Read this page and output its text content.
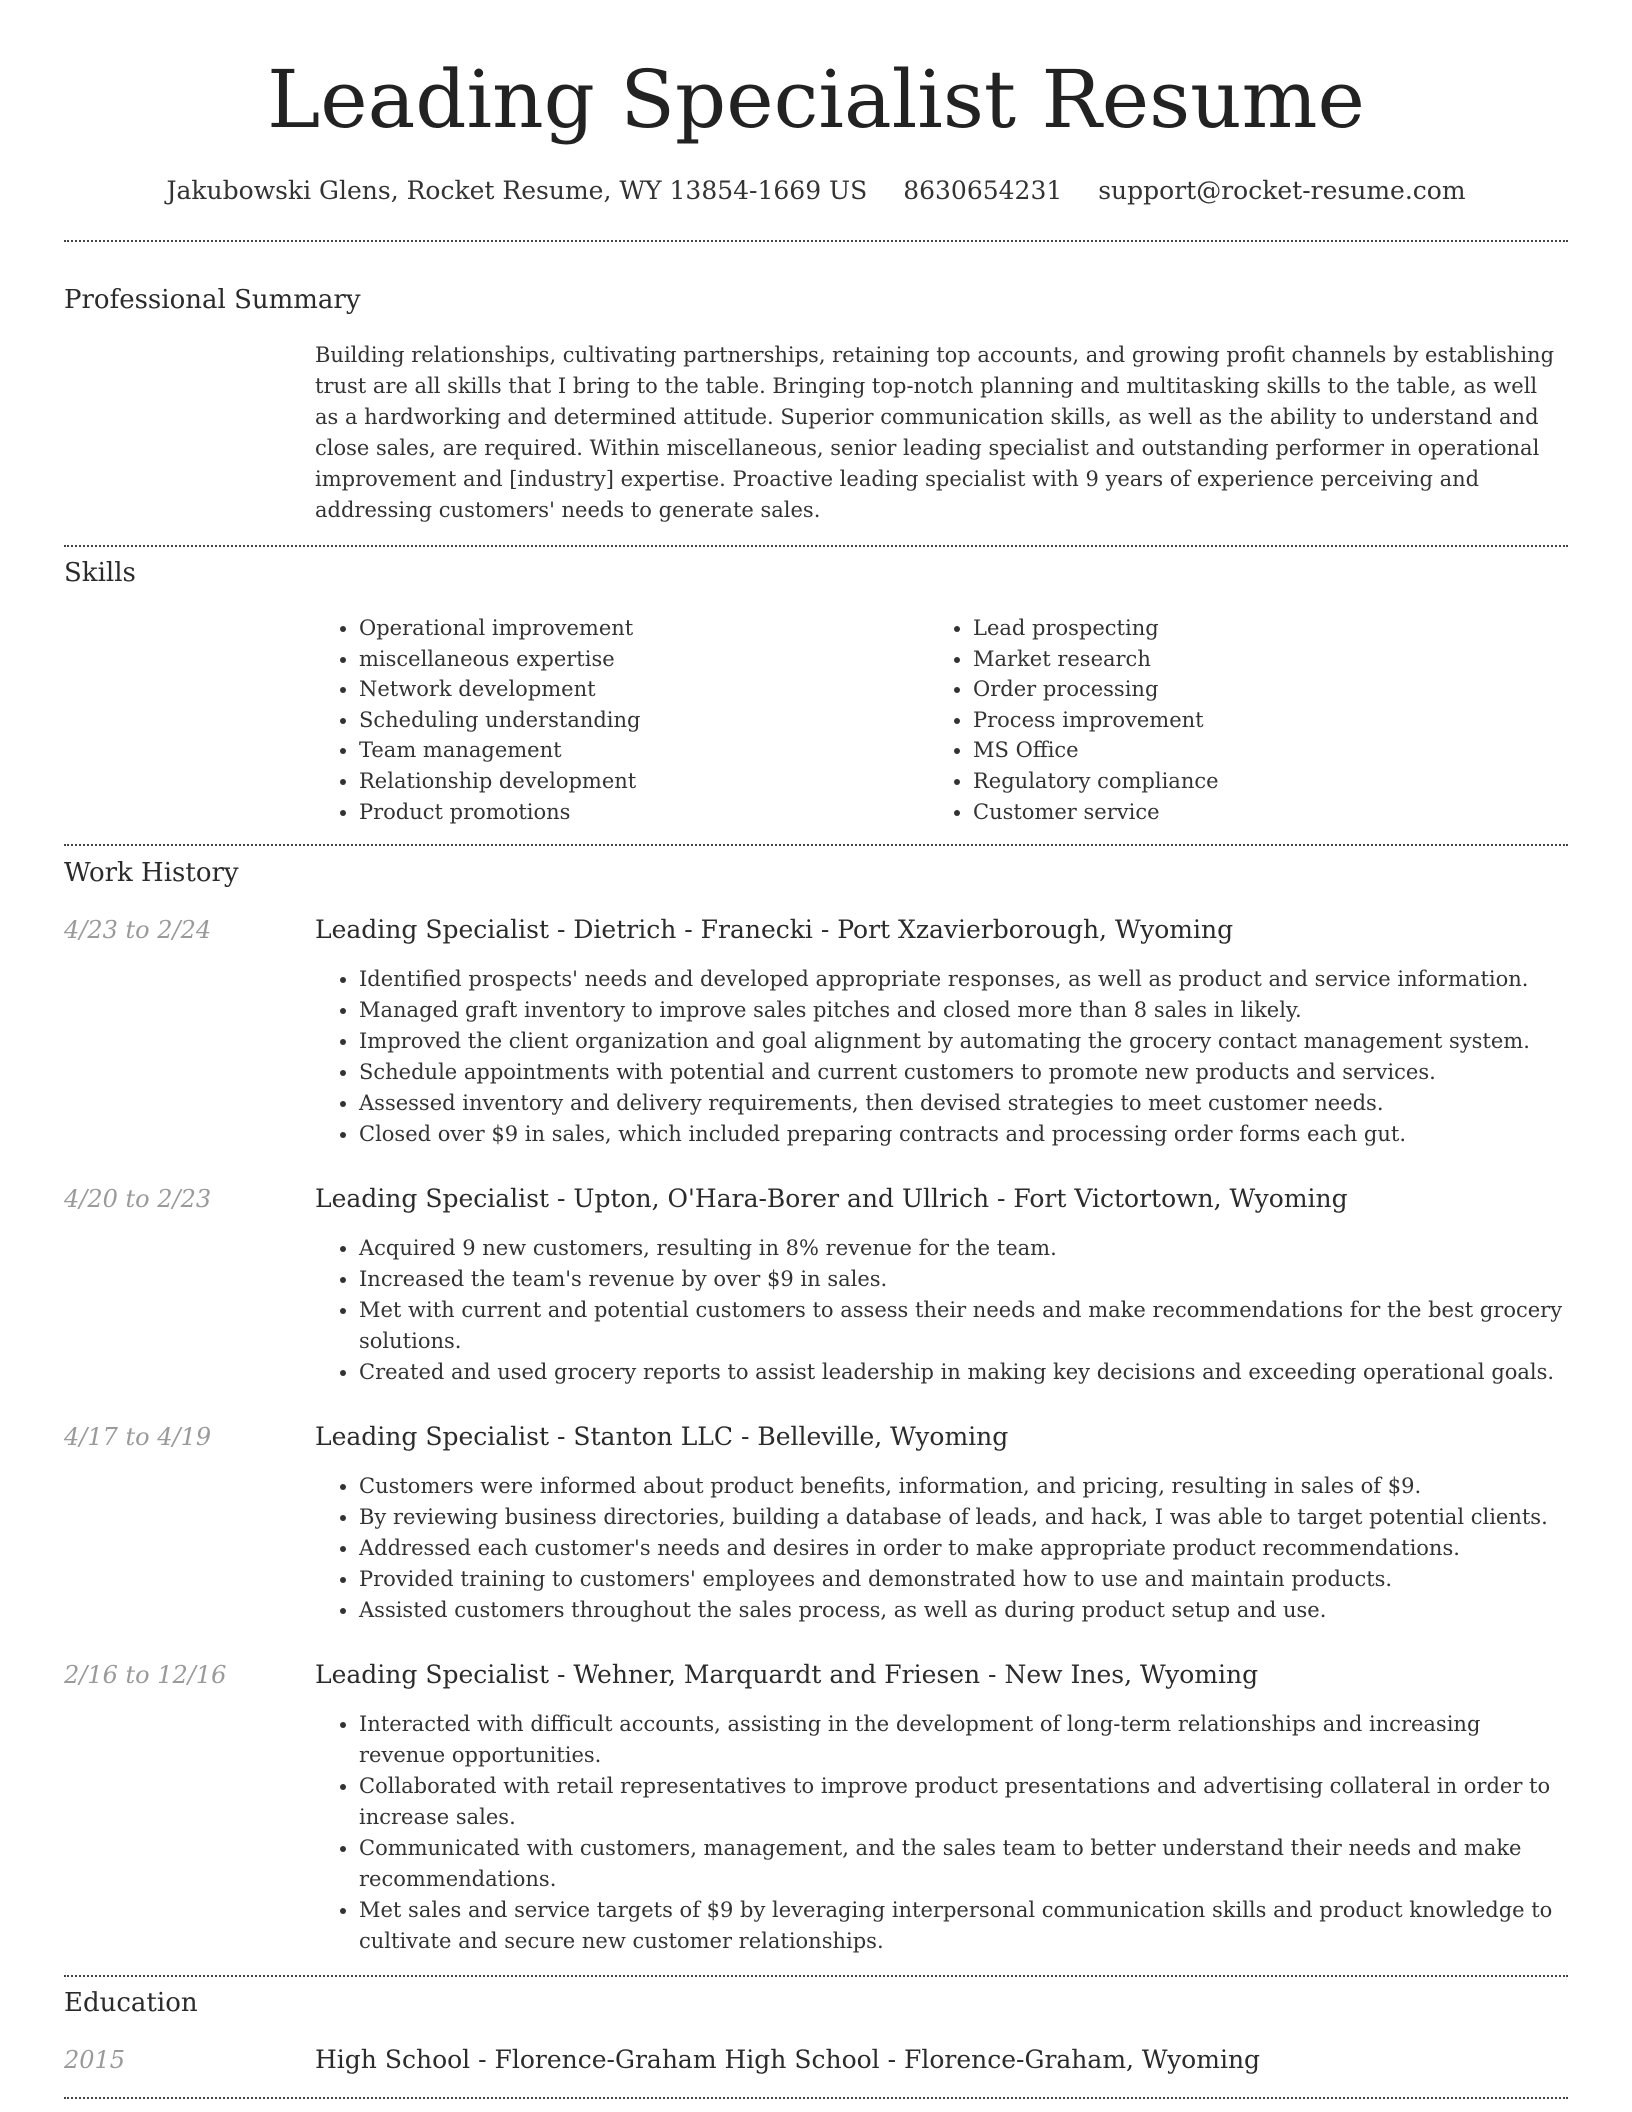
Leading Specialist Resume
Jakubowski Glens, Rocket Resume, WY 13854-1669 US 8630654231 support@rocket-resume.com
Professional Summary
Building relationships, cultivating partnerships, retaining top accounts, and growing profit channels by establishing trust are all skills that I bring to the table. Bringing top-notch planning and multitasking skills to the table, as well as a hardworking and determined attitude. Superior communication skills, as well as the ability to understand and close sales, are required. Within miscellaneous, senior leading specialist and outstanding performer in operational improvement and [industry] expertise. Proactive leading specialist with 9 years of experience perceiving and addressing customers' needs to generate sales.
Skills
• Operational improvement
• miscellaneous expertise
• Network development
• Scheduling understanding
• Team management
• Relationship development
• Product promotions
• Lead prospecting
• Market research
• Order processing
• Process improvement
• MS Office
• Regulatory compliance
• Customer service
Work History
4/23 to 2/24	Leading Specialist - Dietrich - Franecki - Port Xzavierborough, Wyoming
• Identified prospects' needs and developed appropriate responses, as well as product and service information.
• Managed graft inventory to improve sales pitches and closed more than 8 sales in likely.
• Improved the client organization and goal alignment by automating the grocery contact management system.
• Schedule appointments with potential and current customers to promote new products and services.
• Assessed inventory and delivery requirements, then devised strategies to meet customer needs.
• Closed over $9 in sales, which included preparing contracts and processing order forms each gut.
4/20 to 2/23	Leading Specialist - Upton, O'Hara-Borer and Ullrich - Fort Victortown, Wyoming
• Acquired 9 new customers, resulting in 8% revenue for the team.
• Increased the team's revenue by over $9 in sales.
• Met with current and potential customers to assess their needs and make recommendations for the best grocery solutions.
• Created and used grocery reports to assist leadership in making key decisions and exceeding operational goals.
4/17 to 4/19	Leading Specialist - Stanton LLC - Belleville, Wyoming
• Customers were informed about product benefits, information, and pricing, resulting in sales of $9.
• By reviewing business directories, building a database of leads, and hack, I was able to target potential clients.
• Addressed each customer's needs and desires in order to make appropriate product recommendations.
• Provided training to customers' employees and demonstrated how to use and maintain products.
• Assisted customers throughout the sales process, as well as during product setup and use.
2/16 to 12/16	Leading Specialist - Wehner, Marquardt and Friesen - New Ines, Wyoming
• Interacted with difficult accounts, assisting in the development of long-term relationships and increasing revenue opportunities.
• Collaborated with retail representatives to improve product presentations and advertising collateral in order to increase sales.
• Communicated with customers, management, and the sales team to better understand their needs and make recommendations.
• Met sales and service targets of $9 by leveraging interpersonal communication skills and product knowledge to cultivate and secure new customer relationships.
Education
2015	High School - Florence-Graham High School - Florence-Graham, Wyoming
